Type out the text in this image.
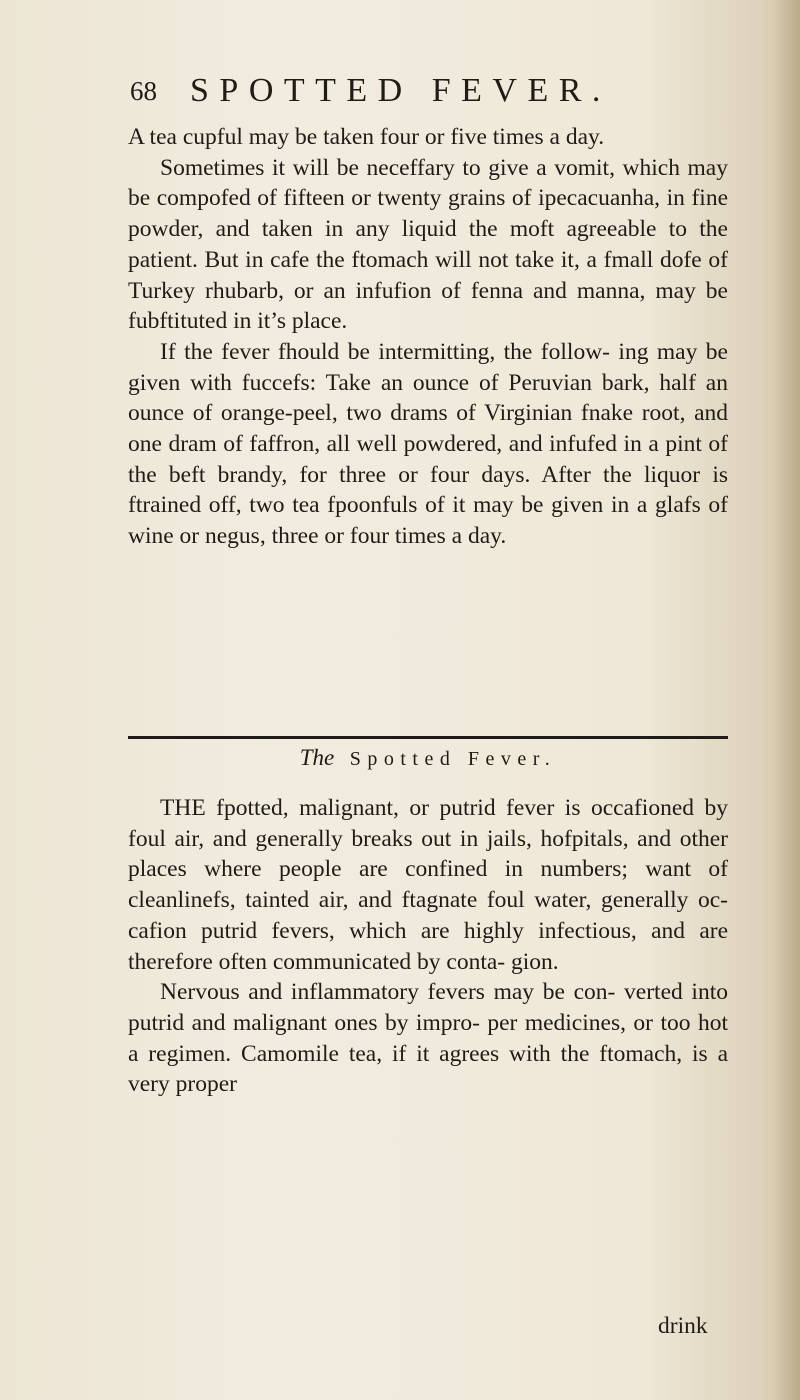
68 SPOTTED FEVER.

A tea cupful may be taken four or five times a day.

Sometimes it will be neceffary to give a vomit, which may be compofed of fifteen or twenty grains of ipecacuanha, in fine powder, and taken in any liquid the moft agreeable to the patient. But in cafe the ftomach will not take it, a fmall dofe of Turkey rhubarb, or an infufion of fenna and manna, may be fubftituted in it’s place.

If the fever fhould be intermitting, the follow- ing may be given with fuccefs: Take an ounce of Peruvian bark, half an ounce of orange-peel, two drams of Virginian fnake root, and one dram of faffron, all well powdered, and infufed in a pint of the beft brandy, for three or four days. After the liquor is ftrained off, two tea fpoonfuls of it may be given in a glafs of wine or negus, three or four times a day.

The Spotted Fever.

THE fpotted, malignant, or putrid fever is occafioned by foul air, and generally breaks out in jails, hofpitals, and other places where people are confined in numbers; want of cleanlinefs, tainted air, and ftagnate foul water, generally oc- cafion putrid fevers, which are highly infectious, and are therefore often communicated by conta- gion.

Nervous and inflammatory fevers may be con- verted into putrid and malignant ones by impro- per medicines, or too hot a regimen. Camomile tea, if it agrees with the ftomach, is a very proper

drink
